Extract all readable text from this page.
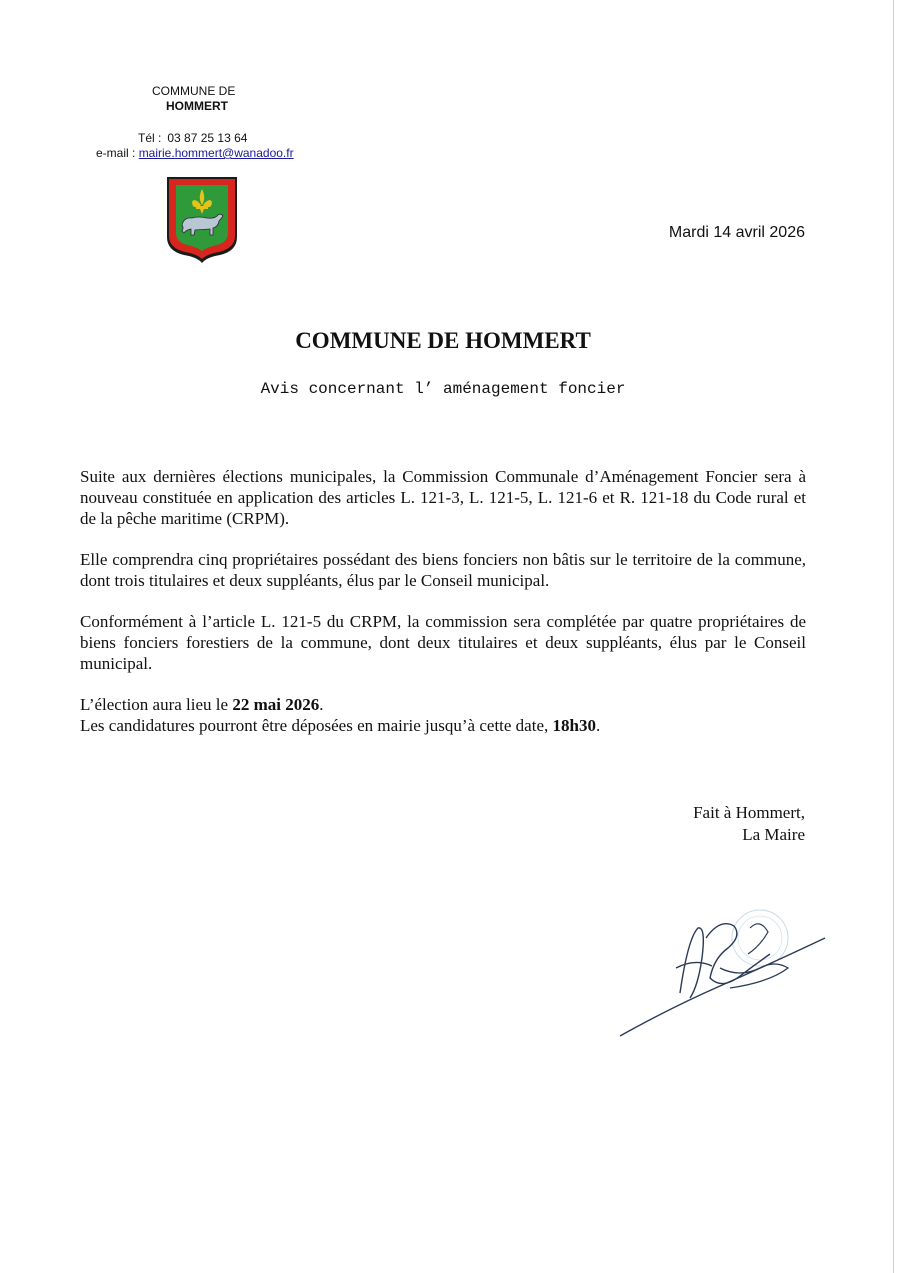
COMMUNE DE
HOMMERT
Tél : 03 87 25 13 64
e-mail : mairie.hommert@wanadoo.fr
Mardi 14 avril 2026
COMMUNE DE HOMMERT
Avis concernant l’ aménagement foncier

Suite aux dernières élections municipales, la Commission Communale d’Aménagement Foncier sera à nouveau constituée en application des articles L. 121-3, L. 121-5, L. 121-6 et R. 121-18 du Code rural et de la pêche maritime (CRPM).

Elle comprendra cinq propriétaires possédant des biens fonciers non bâtis sur le territoire de la commune, dont trois titulaires et deux suppléants, élus par le Conseil municipal.

Conformément à l’article L. 121-5 du CRPM, la commission sera complétée par quatre propriétaires de biens fonciers forestiers de la commune, dont deux titulaires et deux suppléants, élus par le Conseil municipal.

L’élection aura lieu le 22 mai 2026.
Les candidatures pourront être déposées en mairie jusqu’à cette date, 18h30.

Fait à Hommert,
La Maire
